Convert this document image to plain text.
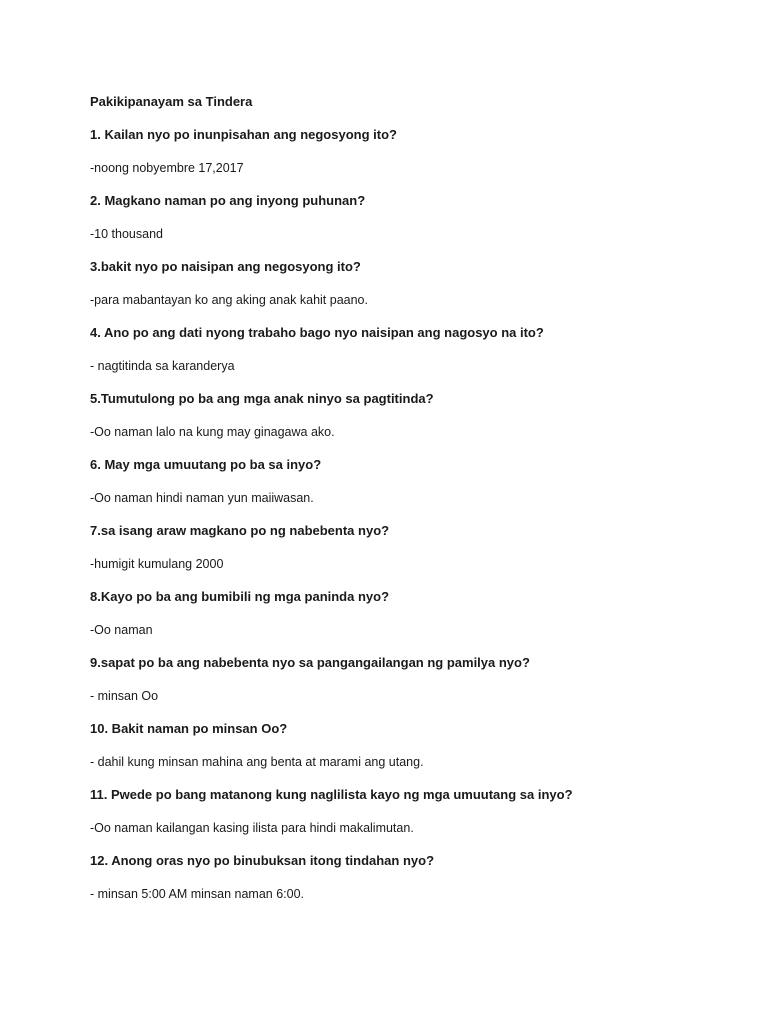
Pakikipanayam sa Tindera

1. Kailan nyo po inunpisahan ang negosyong ito?

-noong nobyembre 17,2017

2. Magkano naman po ang inyong puhunan?

-10 thousand

3.bakit nyo po naisipan ang negosyong ito?

-para mabantayan ko ang aking anak kahit paano.

4. Ano po ang dati nyong trabaho bago nyo naisipan ang nagosyo na ito?

- nagtitinda sa karanderya

5.Tumutulong po ba ang mga anak ninyo sa pagtitinda?

-Oo naman lalo na kung may ginagawa ako.

6. May mga umuutang po ba sa inyo?

-Oo naman hindi naman yun maiiwasan.

7.sa isang araw magkano po ng nabebenta nyo?

-humigit kumulang 2000

8.Kayo po ba ang bumibili ng mga paninda nyo?

-Oo naman

9.sapat po ba ang nabebenta nyo sa pangangailangan ng pamilya nyo?

- minsan Oo

10. Bakit naman po minsan Oo?

- dahil kung minsan mahina ang benta at marami ang utang.

11. Pwede po bang matanong kung naglilista kayo ng mga umuutang sa inyo?

-Oo naman kailangan kasing ilista para hindi makalimutan.

12. Anong oras nyo po binubuksan itong tindahan nyo?

- minsan 5:00 AM minsan naman 6:00.
